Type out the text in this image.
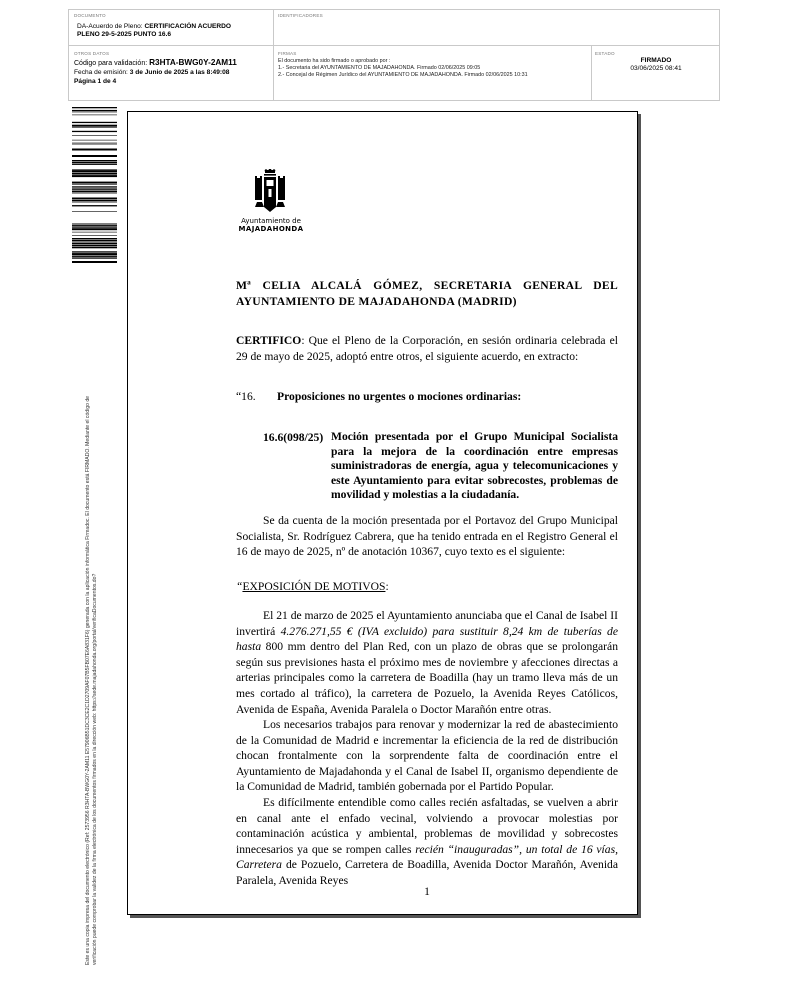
DOCUMENTO
DA-Acuerdo de Pleno: CERTIFICACIÓN ACUERDO
PLENO 29-5-2025 PUNTO 16.6
IDENTIFICADORES
OTROS DATOS
Código para validación: R3HTA-BWG0Y-2AM11
Fecha de emisión: 3 de Junio de 2025 a las 8:49:08
Página 1 de 4
FIRMAS
El documento ha sido firmado o aprobado por :
1.- Secretaria del AYUNTAMIENTO DE MAJADAHONDA. Firmado 02/06/2025 09:05
2.- Concejal de Régimen Jurídico del AYUNTAMIENTO DE MAJADAHONDA. Firmado 02/06/2025 10:31
ESTADO
FIRMADO
03/06/2025 08:41
Este es una copia impresa del documento electrónico (Ref: 2573956 R3HTA-BWG0Y-2AM11 E57906B51DC3CE2C1D2709AF07B5FB07E6A831F6) generada con la aplicación informática Firmadoc. El documento está FIRMADO. Mediante el código de verificación puede comprobar la validez de la firma electrónica de los documentos firmados en la dirección web: https://sede.majadahonda.org/portal/verificaDocumentos.do?
Ayuntamiento de
MAJADAHONDA
Mª CELIA ALCALÁ GÓMEZ, SECRETARIA GENERAL DEL
AYUNTAMIENTO DE MAJADAHONDA (MADRID)
CERTIFICO: Que el Pleno de la Corporación, en sesión ordinaria celebrada el 29 de mayo de 2025, adoptó entre otros, el siguiente acuerdo, en extracto:
“16. Proposiciones no urgentes o mociones ordinarias:
16.6(098/25) Moción presentada por el Grupo Municipal Socialista para la mejora de la coordinación entre empresas suministradoras de energía, agua y telecomunicaciones y este Ayuntamiento para evitar sobrecostes, problemas de movilidad y molestias a la ciudadanía.
Se da cuenta de la moción presentada por el Portavoz del Grupo Municipal Socialista, Sr. Rodríguez Cabrera, que ha tenido entrada en el Registro General el 16 de mayo de 2025, nº de anotación 10367, cuyo texto es el siguiente:
“EXPOSICIÓN DE MOTIVOS:
El 21 de marzo de 2025 el Ayuntamiento anunciaba que el Canal de Isabel II invertirá 4.276.271,55 € (IVA excluido) para sustituir 8,24 km de tuberías de hasta 800 mm dentro del Plan Red, con un plazo de obras que se prolongarán según sus previsiones hasta el próximo mes de noviembre y afecciones directas a arterias principales como la carretera de Boadilla (hay un tramo lleva más de un mes cortado al tráfico), la carretera de Pozuelo, la Avenida Reyes Católicos, Avenida de España, Avenida Paralela o Doctor Marañón entre otras.
Los necesarios trabajos para renovar y modernizar la red de abastecimiento de la Comunidad de Madrid e incrementar la eficiencia de la red de distribución chocan frontalmente con la sorprendente falta de coordinación entre el Ayuntamiento de Majadahonda y el Canal de Isabel II, organismo dependiente de la Comunidad de Madrid, también gobernada por el Partido Popular.
Es difícilmente entendible como calles recién asfaltadas, se vuelven a abrir en canal ante el enfado vecinal, volviendo a provocar molestias por contaminación acústica y ambiental, problemas de movilidad y sobrecostes innecesarios ya que se rompen calles recién “inauguradas”, un total de 16 vías, Carretera de Pozuelo, Carretera de Boadilla, Avenida Doctor Marañón, Avenida Paralela, Avenida Reyes
1
